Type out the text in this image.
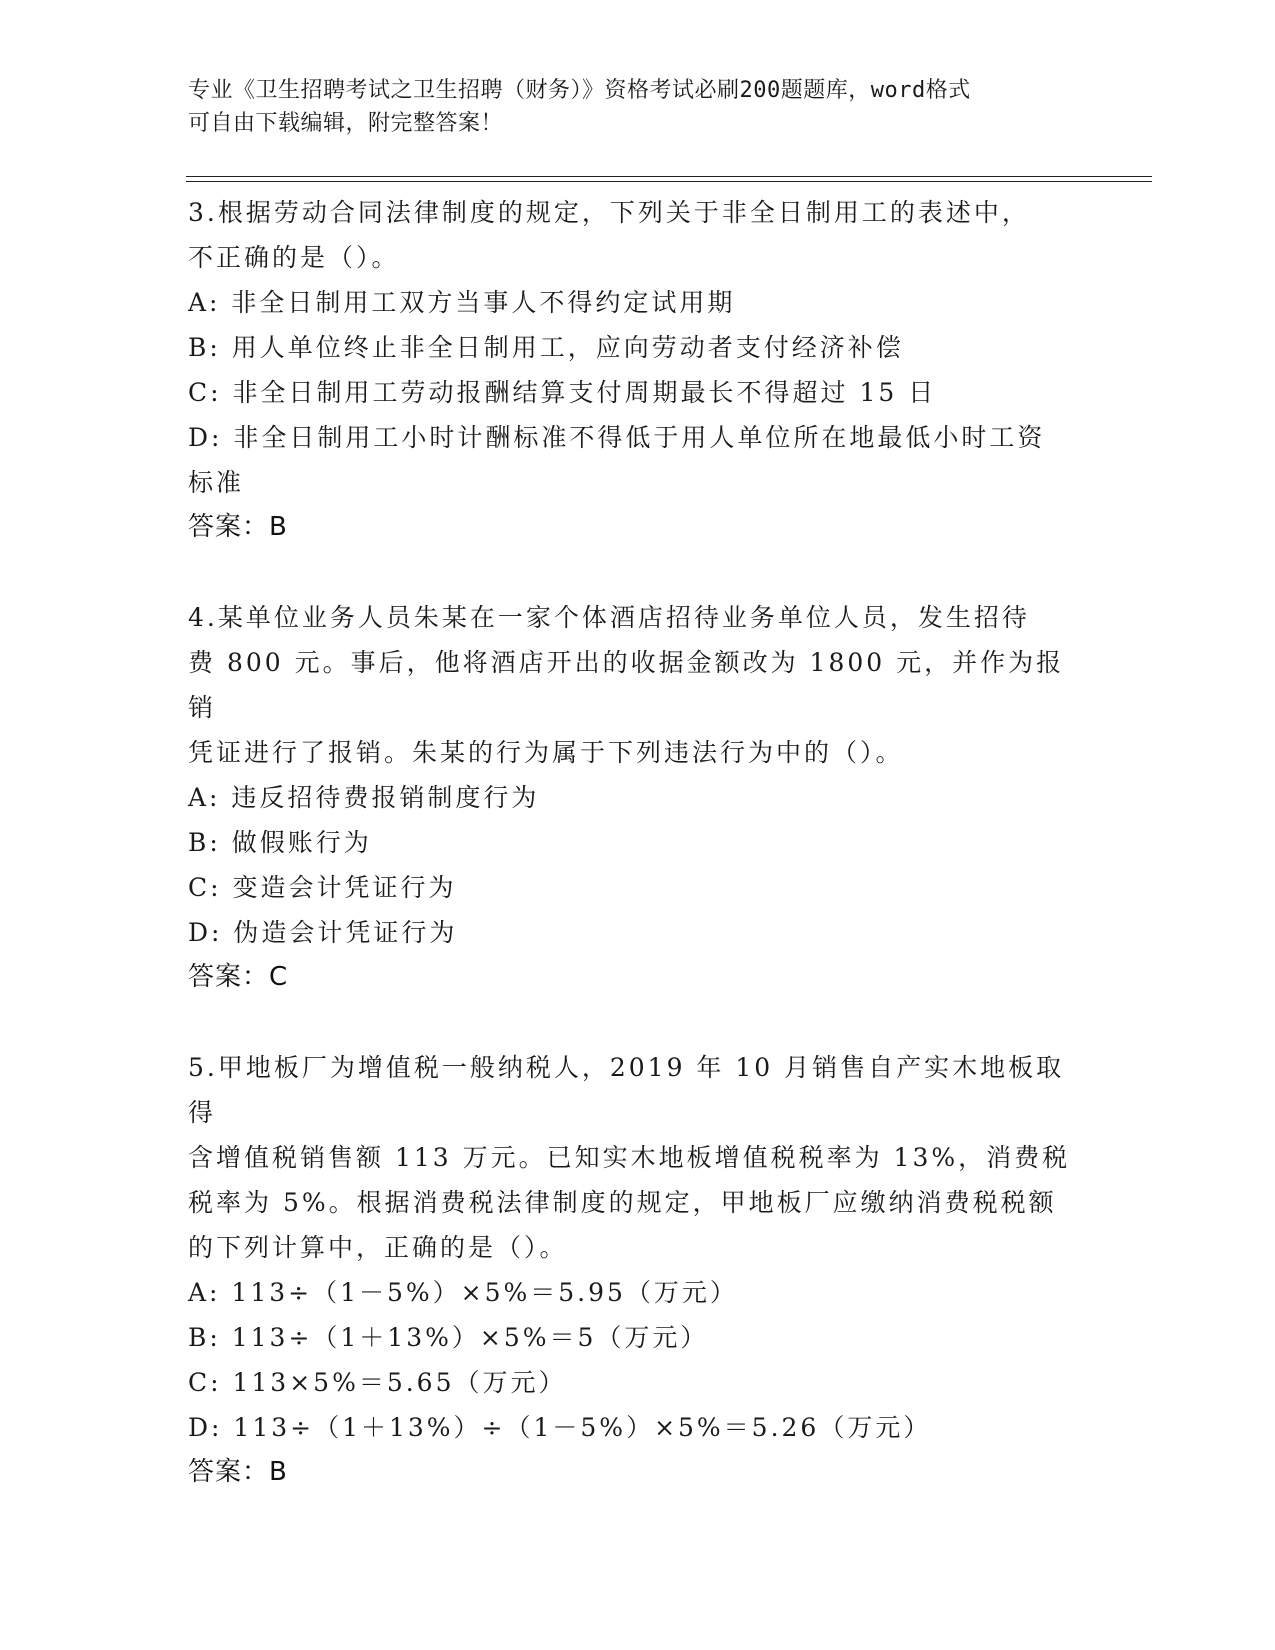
专业《卫生招聘考试之卫生招聘（财务）》资格考试必刷200题题库，word格式
可自由下载编辑，附完整答案！
3.根据劳动合同法律制度的规定，下列关于非全日制用工的表述中，
不正确的是（）。
A: 非全日制用工双方当事人不得约定试用期
B: 用人单位终止非全日制用工，应向劳动者支付经济补偿
C: 非全日制用工劳动报酬结算支付周期最长不得超过 15 日
D: 非全日制用工小时计酬标准不得低于用人单位所在地最低小时工资
标准
答案：B
4.某单位业务人员朱某在一家个体酒店招待业务单位人员，发生招待
费 800 元。事后，他将酒店开出的收据金额改为 1800 元，并作为报销
凭证进行了报销。朱某的行为属于下列违法行为中的（）。
A: 违反招待费报销制度行为
B: 做假账行为
C: 变造会计凭证行为
D: 伪造会计凭证行为
答案：C
5.甲地板厂为增值税一般纳税人，2019 年 10 月销售自产实木地板取得
含增值税销售额 113 万元。已知实木地板增值税税率为 13%，消费税
税率为 5%。根据消费税法律制度的规定，甲地板厂应缴纳消费税税额
的下列计算中，正确的是（）。
A: 113÷（1－5%）×5%＝5.95（万元）
B: 113÷（1＋13%）×5%＝5（万元）
C: 113×5%＝5.65（万元）
D: 113÷（1＋13%）÷（1－5%）×5%＝5.26（万元）
答案：B
